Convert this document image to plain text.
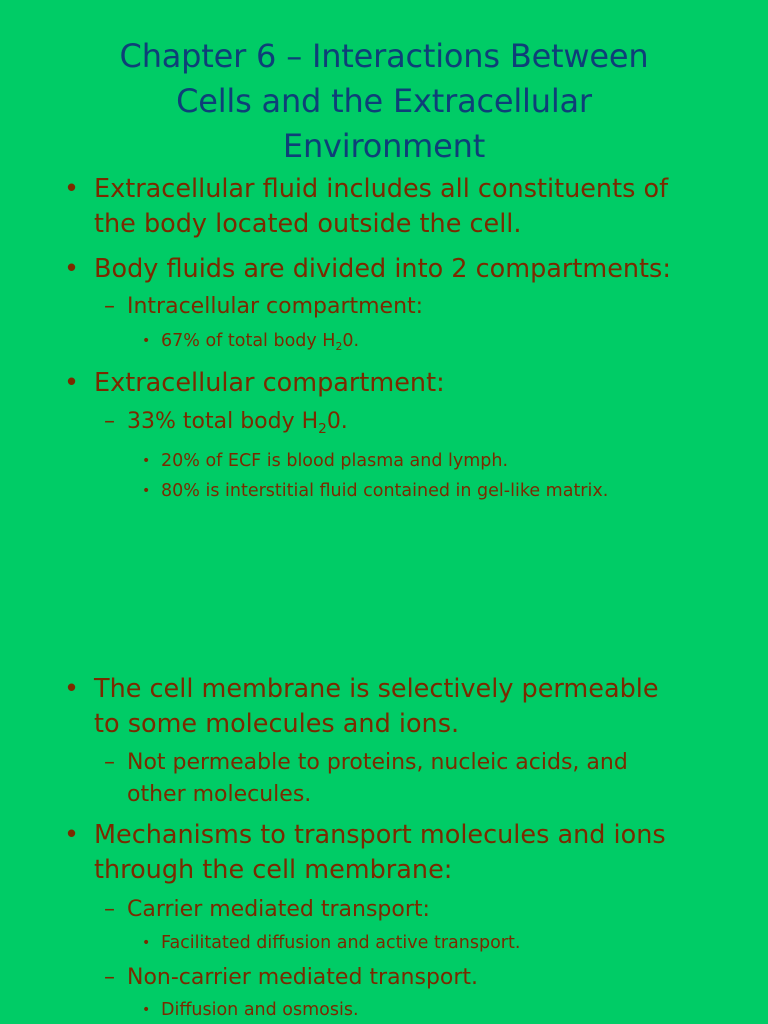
Chapter 6 – Interactions Between
Cells and the Extracellular
Environment
• Extracellular fluid includes all constituents of
the body located outside the cell.
• Body fluids are divided into 2 compartments:
– Intracellular compartment:
• 67% of total body $H_20$.
• Extracellular compartment:
– 33% total body $H_20$.
• 20% of ECF is blood plasma and lymph.
• 80% is interstitial fluid contained in gel-like matrix.
• The cell membrane is selectively permeable
to some molecules and ions.
– Not permeable to proteins, nucleic acids, and
other molecules.
• Mechanisms to transport molecules and ions
through the cell membrane:
– Carrier mediated transport:
• Facilitated diffusion and active transport.
– Non-carrier mediated transport.
• Diffusion and osmosis.
